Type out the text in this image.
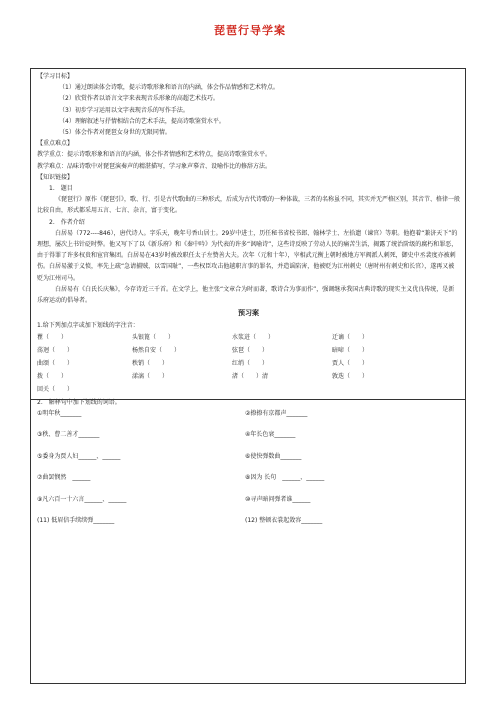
琵琶行导学案
【学习目标】
（1）通过朗读体会诗歌，提示诗歌形象和语言的内涵，体会作品情感和艺术特点。
（2）欣赏作者以语言文字来表现音乐形象的高超艺术技巧。
（3）初步学习运用以文字表现音乐的写作手法。
（4）理解叙述与抒情相结合的艺术手法，提高诗歌鉴赏水平。
（5）体会作者对琵琶女身世的无限同情。
【重点难点】
教学重点：提示诗歌形象和语言的内涵，体会作者情感和艺术特点，提高诗歌鉴赏水平。
教学难点：品味诗歌中对琵琶演奏声的精湛描写，学习象声摹音、设喻作比的修辞方法。
【知识链接】
1.　题目
《琵琶行》原作《琵琶引》，歌、行、引是古代歌曲的三种形式，后成为古代诗歌的一种体裁，三者的名称虽不同，其实并无严格区别，其音节、格律一般比较自由，形式都采用五言、七言、杂言，富于变化。
2.　作者介绍
白居易（772----846），唐代诗人。字乐天，晚年号香山居士。29岁中进士，历任秘书省校书郎、翰林学士、左拾遗（谏官）等职。他抱着“兼济天下”的理想，屡次上书针砭时弊。他又写下了以《新乐府》和《秦中吟》为代表的许多“讽喻诗”，这些诗反映了劳动人民的痛苦生活，揭露了统治阶级的腐朽和罪恶，由于得罪了许多权贵和宦官集团。白居易在43岁时被改职任太子左赞善大夫。次年（元和十年），宰相武元衡上朝时被地方军阀派人刺死，御史中丞裴度亦被刺伤。白居易激于义愤，率先上疏“急请捕贼，以雪国耻”，一些权臣攻击他越职言事的罪名，并造谣陷害，他被贬为江州刺史（唐时州有刺史和长官），遂再又被贬为江州司马。
白居易有《白氏长庆集》，今存诗近三千首。在文学上，他主张“文章合为时而著，歌诗合为事而作”，强调继承我国古典诗歌的现实主义优良传统，是新乐府运动的倡导者。
预习案
1.给下列加点字或加下划线的字注音：
瞿（　　）	头银篦（　　）	水浆迸（　　）	迁谪（　　）
荡迥（　　）	杨然自安（　　）	弦琶（　　）	暗啼（　　）
曲颂（　　）	秩销（　　）	红绡（　　）	贾人（　　）
拨（　　）	漾漓（　　）	渚（　　）清	敦迭（　　）
回关（　　）
2.　解释句中加下划线的词语。
①明年秋_______	②撩撩有京都声_______
③秩、曹二善才_______	④年长色衰_______
⑤委身为贾人妇______、______	⑥使快弹数曲_______
⑦曲罢悯然　______	⑧因为 长句　______、______
⑨凡六百一十六言______、______	⑩寻声暗问弹者谁______
(11) 低眉信手续续弹_______	(12) 整顿衣裳起敛容_______
